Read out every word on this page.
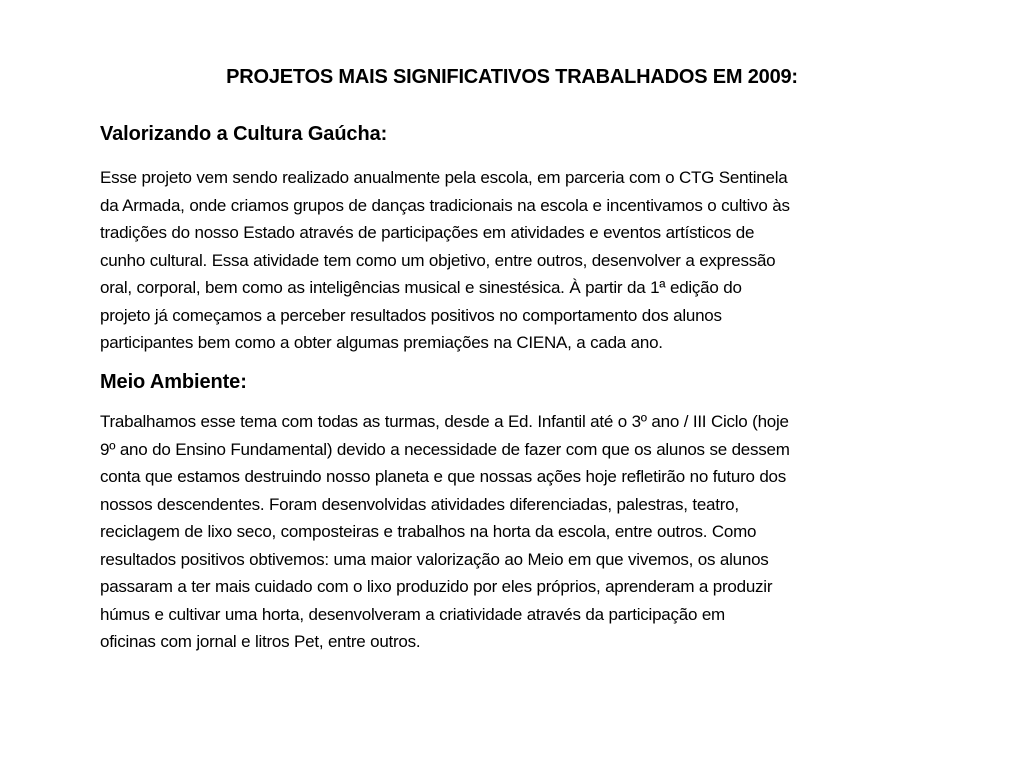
PROJETOS MAIS SIGNIFICATIVOS TRABALHADOS EM 2009:
Valorizando a Cultura Gaúcha:
Esse projeto vem sendo realizado anualmente pela escola, em parceria com o CTG Sentinela
da Armada, onde criamos grupos de danças tradicionais na escola e incentivamos o cultivo às
tradições do nosso Estado através de participações em atividades e eventos artísticos de
cunho cultural. Essa atividade tem como um objetivo, entre outros, desenvolver a expressão
oral, corporal, bem como as inteligências musical e sinestésica. À partir da 1ª edição do
projeto já começamos a perceber resultados positivos no comportamento dos alunos
participantes bem como a obter algumas premiações na CIENA, a cada ano.
Meio Ambiente:
Trabalhamos esse tema com todas as turmas, desde a Ed. Infantil até o 3º ano / III Ciclo (hoje
9º ano do Ensino Fundamental) devido a necessidade de fazer com que os alunos se dessem
conta que estamos destruindo nosso planeta e que nossas ações hoje refletirão no futuro dos
nossos descendentes. Foram desenvolvidas atividades diferenciadas, palestras, teatro,
reciclagem de lixo seco, composteiras e trabalhos na horta da escola, entre outros. Como
resultados positivos obtivemos: uma maior valorização ao Meio em que vivemos, os alunos
passaram a ter mais cuidado com o lixo produzido por eles próprios, aprenderam a produzir
húmus e cultivar uma horta, desenvolveram a criatividade através da participação em
oficinas com jornal e litros Pet, entre outros.
